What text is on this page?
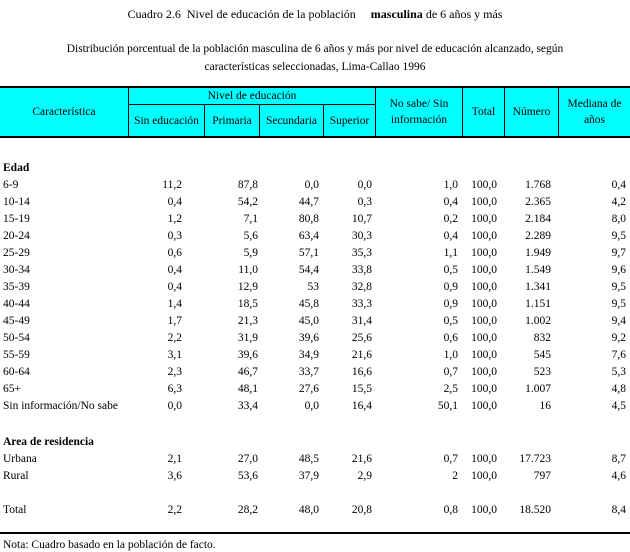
Cuadro 2.6  Nivel de educación de la población masculina de 6 años y más
Distribución porcentual de la población masculina de 6 años y más por nivel de educación alcanzado, según
características seleccionadas, Lima-Callao 1996
Característica
Nivel de educación
Sin educación	Primaria	Secundaria	Superior
No sabe/ Sin
información
Total	Número
Mediana de
años
Edad
6-9	11,2	87,8	0,0	0,0	1,0 100,0 1.768	0,4
10-14	0,4	54,2	44,7	0,3	0,4 100,0 2.365	4,2
15-19	1,2	7,1	80,8	10,7	0,2 100,0 2.184	8,0
20-24	0,3	5,6	63,4	30,3	0,4 100,0 2.289	9,5
25-29	0,6	5,9	57,1	35,3	1,1 100,0 1.949	9,7
30-34	0,4	11,0	54,4	33,8	0,5 100,0 1.549	9,6
35-39	0,4	12,9	53	32,8	0,9 100,0 1.341	9,5
40-44	1,4	18,5	45,8	33,3	0,9 100,0 1.151	9,5
45-49	1,7	21,3	45,0	31,4	0,5 100,0 1.002	9,4
50-54	2,2	31,9	39,6	25,6	0,6 100,0	832	9,2
55-59	3,1	39,6	34,9	21,6	1,0 100,0	545	7,6
60-64	2,3	46,7	33,7	16,6	0,7 100,0	523	5,3
65+	6,3	48,1	27,6	15,5	2,5 100,0 1.007	4,8
Sin información/No sabe	0,0	33,4	0,0	16,4	50,1 100,0	16	4,5
Area de residencia
Urbana	2,1	27,0	48,5	21,6	0,7 100,0 17.723	8,7
Rural	3,6	53,6	37,9	2,9	2 100,0	797	4,6
Total	2,2	28,2	48,0	20,8	0,8 100,0 18.520	8,4
Nota: Cuadro basado en la población de facto.
